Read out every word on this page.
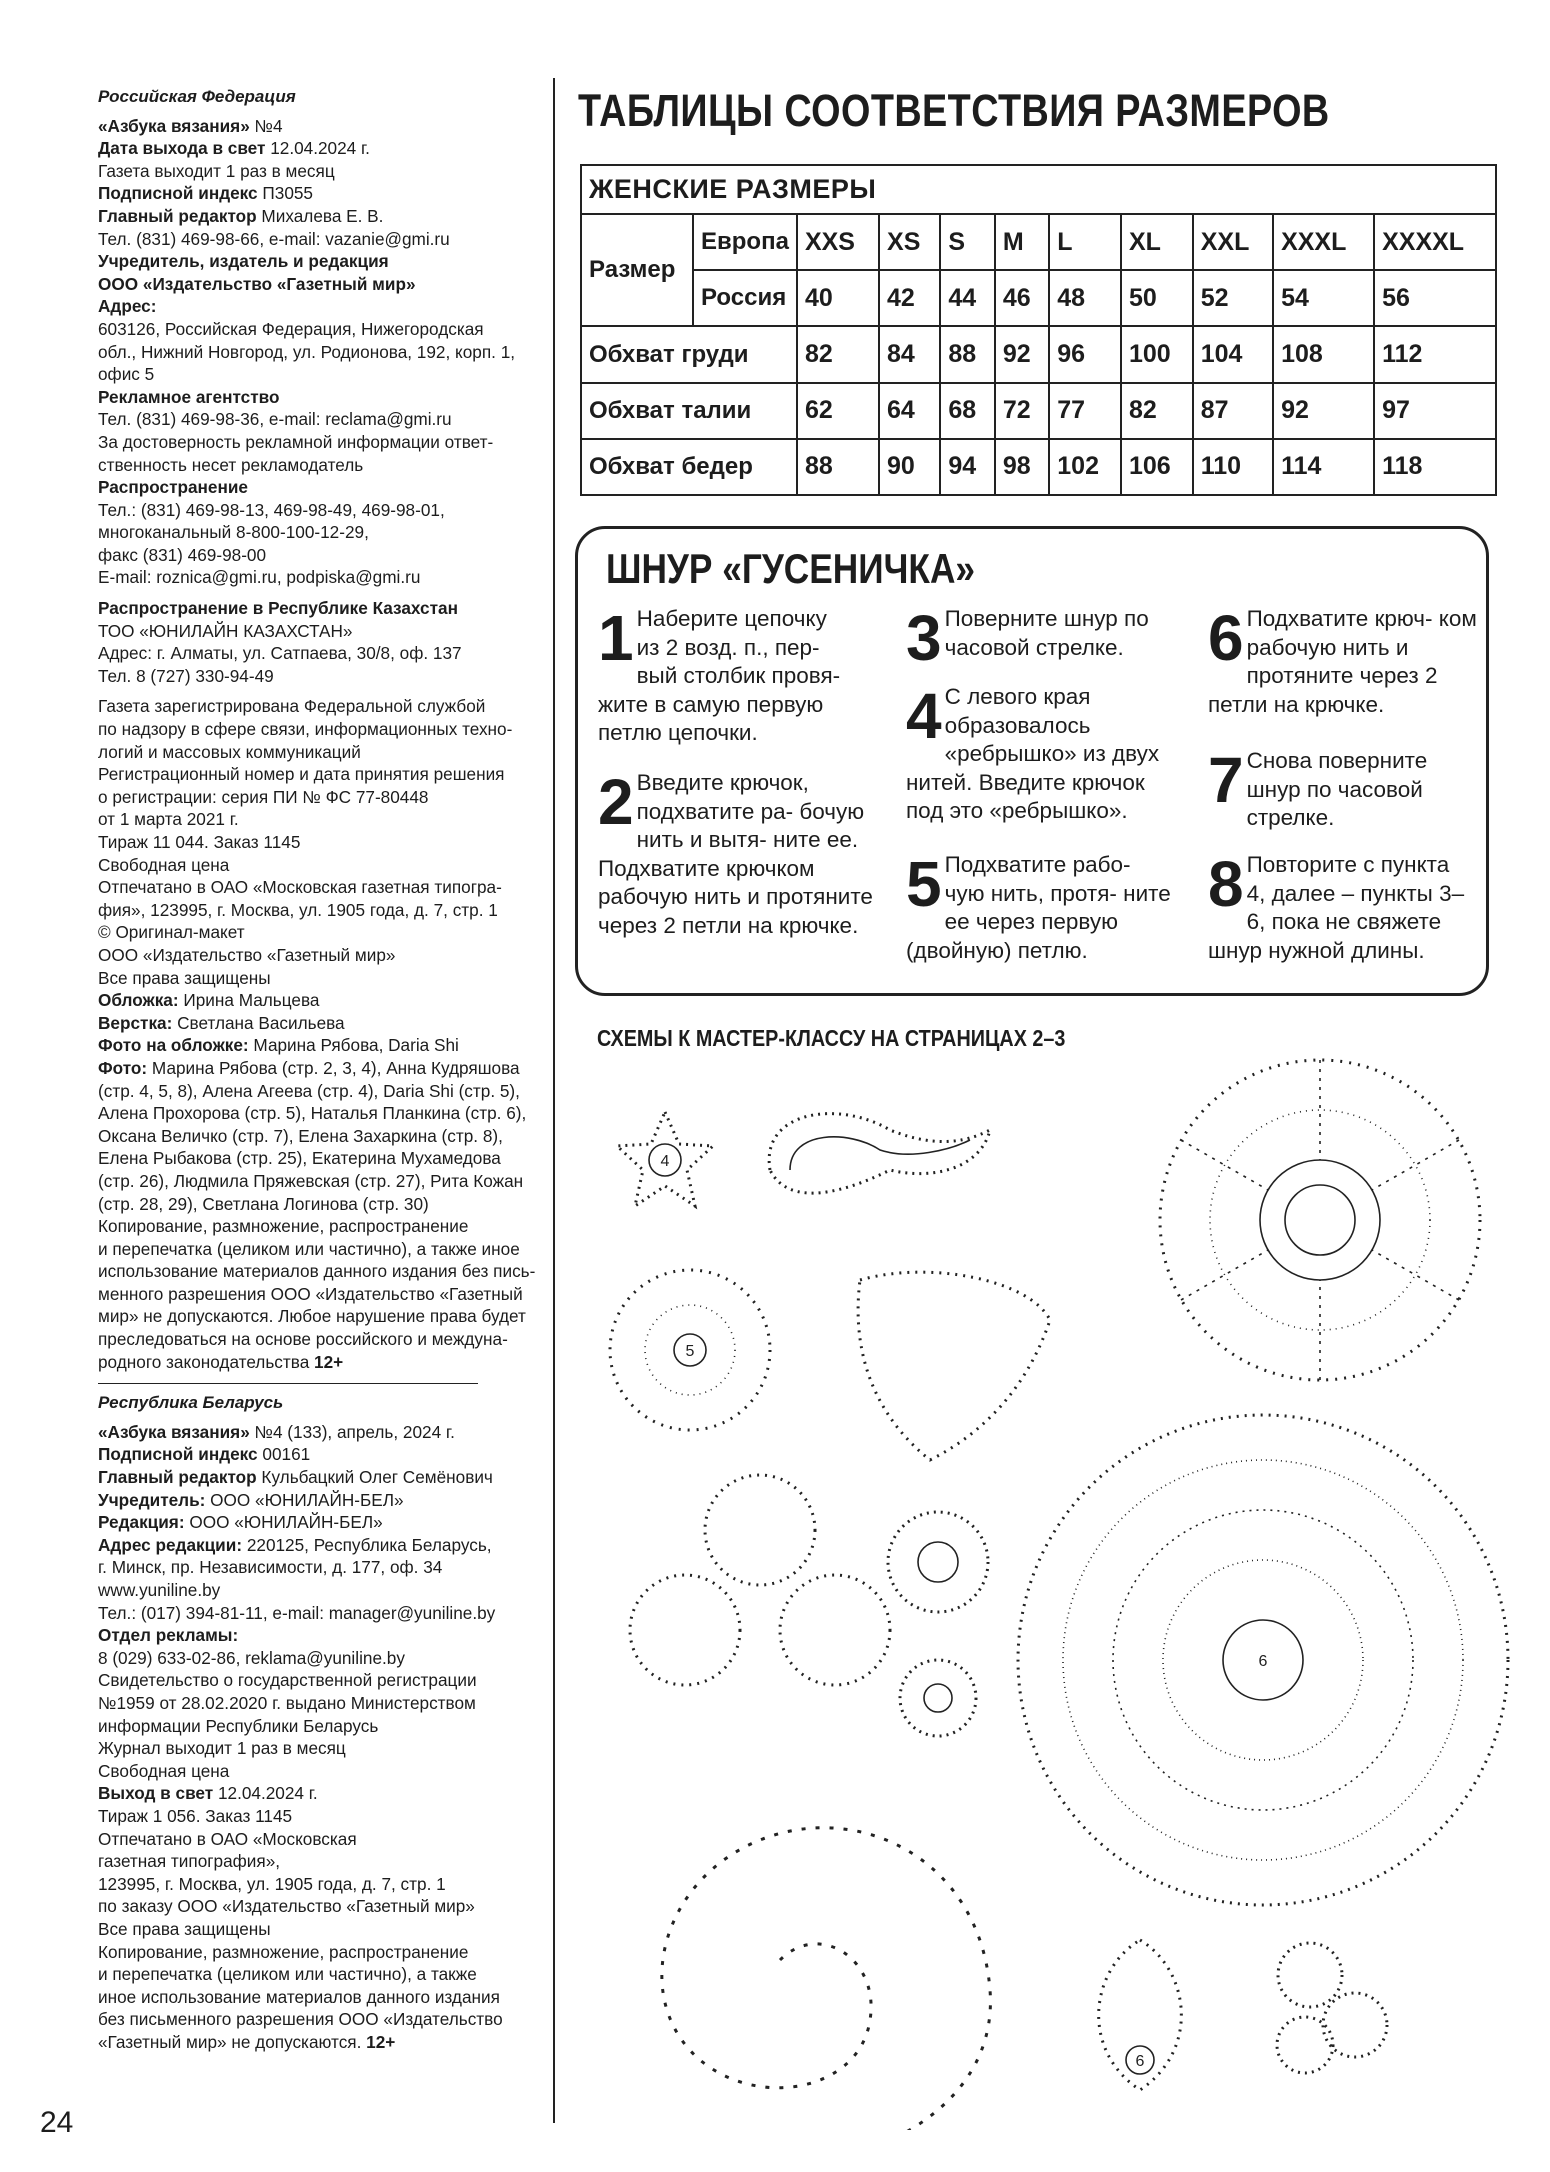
Российская Федерация
«Азбука вязания» №4
Дата выхода в свет 12.04.2024 г.
Газета выходит 1 раз в месяц
Подписной индекс П3055
Главный редактор Михалева Е. В.
Тел. (831) 469-98-66, e-mail: vazanie@gmi.ru
Учредитель, издатель и редакция
ООО «Издательство «Газетный мир»
Адрес:
603126, Российская Федерация, Нижегородская
обл., Нижний Новгород, ул. Родионова, 192, корп. 1,
офис 5
Рекламное агентство
Тел. (831) 469-98-36, e-mail: reclama@gmi.ru
За достоверность рекламной информации ответ-
ственность несет рекламодатель
Распространение
Тел.: (831) 469-98-13, 469-98-49, 469-98-01,
многоканальный 8-800-100-12-29,
факс (831) 469-98-00
E-mail: roznica@gmi.ru, podpiska@gmi.ru
Распространение в Республике Казахстан
ТОО «ЮНИЛАЙН КАЗАХСТАН»
Адрес: г. Алматы, ул. Сатпаева, 30/8, оф. 137
Тел. 8 (727) 330-94-49
Газета зарегистрирована Федеральной службой
по надзору в сфере связи, информационных техно-
логий и массовых коммуникаций
Регистрационный номер и дата принятия решения
о регистрации: серия ПИ № ФС 77-80448
от 1 марта 2021 г.
Тираж 11 044. Заказ 1145
Свободная цена
Отпечатано в ОАО «Московская газетная типогра-
фия», 123995, г. Москва, ул. 1905 года, д. 7, стр. 1
© Оригинал-макет
ООО «Издательство «Газетный мир»
Все права защищены
Обложка: Ирина Мальцева
Верстка: Светлана Васильева
Фото на обложке: Марина Рябова, Daria Shi
Фото: Марина Рябова (стр. 2, 3, 4), Анна Кудряшова
(стр. 4, 5, 8), Алена Агеева (стр. 4), Daria Shi (стр. 5),
Алена Прохорова (стр. 5), Наталья Планкина (стр. 6),
Оксана Величко (стр. 7), Елена Захаркина (стр. 8),
Елена Рыбакова (стр. 25), Екатерина Мухамедова
(стр. 26), Людмила Пряжевская (стр. 27), Рита Кожан
(стр. 28, 29), Светлана Логинова (стр. 30)
Копирование, размножение, распространение
и перепечатка (целиком или частично), а также иное
использование материалов данного издания без пись-
менного разрешения ООО «Издательство «Газетный
мир» не допускаются. Любое нарушение права будет
преследоваться на основе российского и междуна-
родного законодательства 12+
Республика Беларусь
«Азбука вязания» №4 (133), апрель, 2024 г.
Подписной индекс 00161
Главный редактор Кульбацкий Олег Семёнович
Учредитель: ООО «ЮНИЛАЙН-БЕЛ»
Редакция: ООО «ЮНИЛАЙН-БЕЛ»
Адрес редакции: 220125, Республика Беларусь,
г. Минск, пр. Независимости, д. 177, оф. 34
www.yuniline.by
Тел.: (017) 394-81-11, e-mail: manager@yuniline.by
Отдел рекламы:
8 (029) 633-02-86, reklama@yuniline.by
Свидетельство о государственной регистрации
№1959 от 28.02.2020 г. выдано Министерством
информации Республики Беларусь
Журнал выходит 1 раз в месяц
Свободная цена
Выход в свет 12.04.2024 г.
Тираж 1 056. Заказ 1145
Отпечатано в ОАО «Московская
газетная типография»,
123995, г. Москва, ул. 1905 года, д. 7, стр. 1
по заказу ООО «Издательство «Газетный мир»
Все права защищены
Копирование, размножение, распространение
и перепечатка (целиком или частично), а также
иное использование материалов данного издания
без письменного разрешения ООО «Издательство
«Газетный мир» не допускаются. 12+
24
ТАБЛИЦЫ СООТВЕТСТВИЯ РАЗМЕРОВ
ЖЕНСКИЕ РАЗМЕРЫ										
Размер	Европа	XXS	XS	S	M	L	XL	XXL	XXXL	XXXXL
	Россия	40	42	44	46	48	50	52	54	56
Обхват груди		82	84	88	92	96	100	104	108	112
Обхват талии		62	64	68	72	77	82	87	92	97
Обхват бедер		88	90	94	98	102	106	110	114	118
ШНУР «ГУСЕНИЧКА»
1 Наберите цепочку из 2 возд. п., пер- вый столбик провя- жите в самую первую петлю цепочки.
2 Введите крючок, подхватите ра- бочую нить и вытя- ните ее. Подхватите крючком рабочую нить и протяните через 2 петли на крючке.
3 Поверните шнур по часовой стрелке.
4 С левого края образовалось «ребрышко» из двух нитей. Введите крючок под это «ребрышко».
5 Подхватите рабо- чую нить, протя- ните ее через первую (двойную) петлю.
6 Подхватите крюч- ком рабочую нить и протяните через 2 петли на крючке.
7 Снова поверните шнур по часовой стрелке.
8 Повторите с пункта 4, далее – пункты 3–6, пока не свяжете шнур нужной длины.
СХЕМЫ К МАСТЕР-КЛАССУ НА СТРАНИЦАХ 2–3
4
5
6
6
